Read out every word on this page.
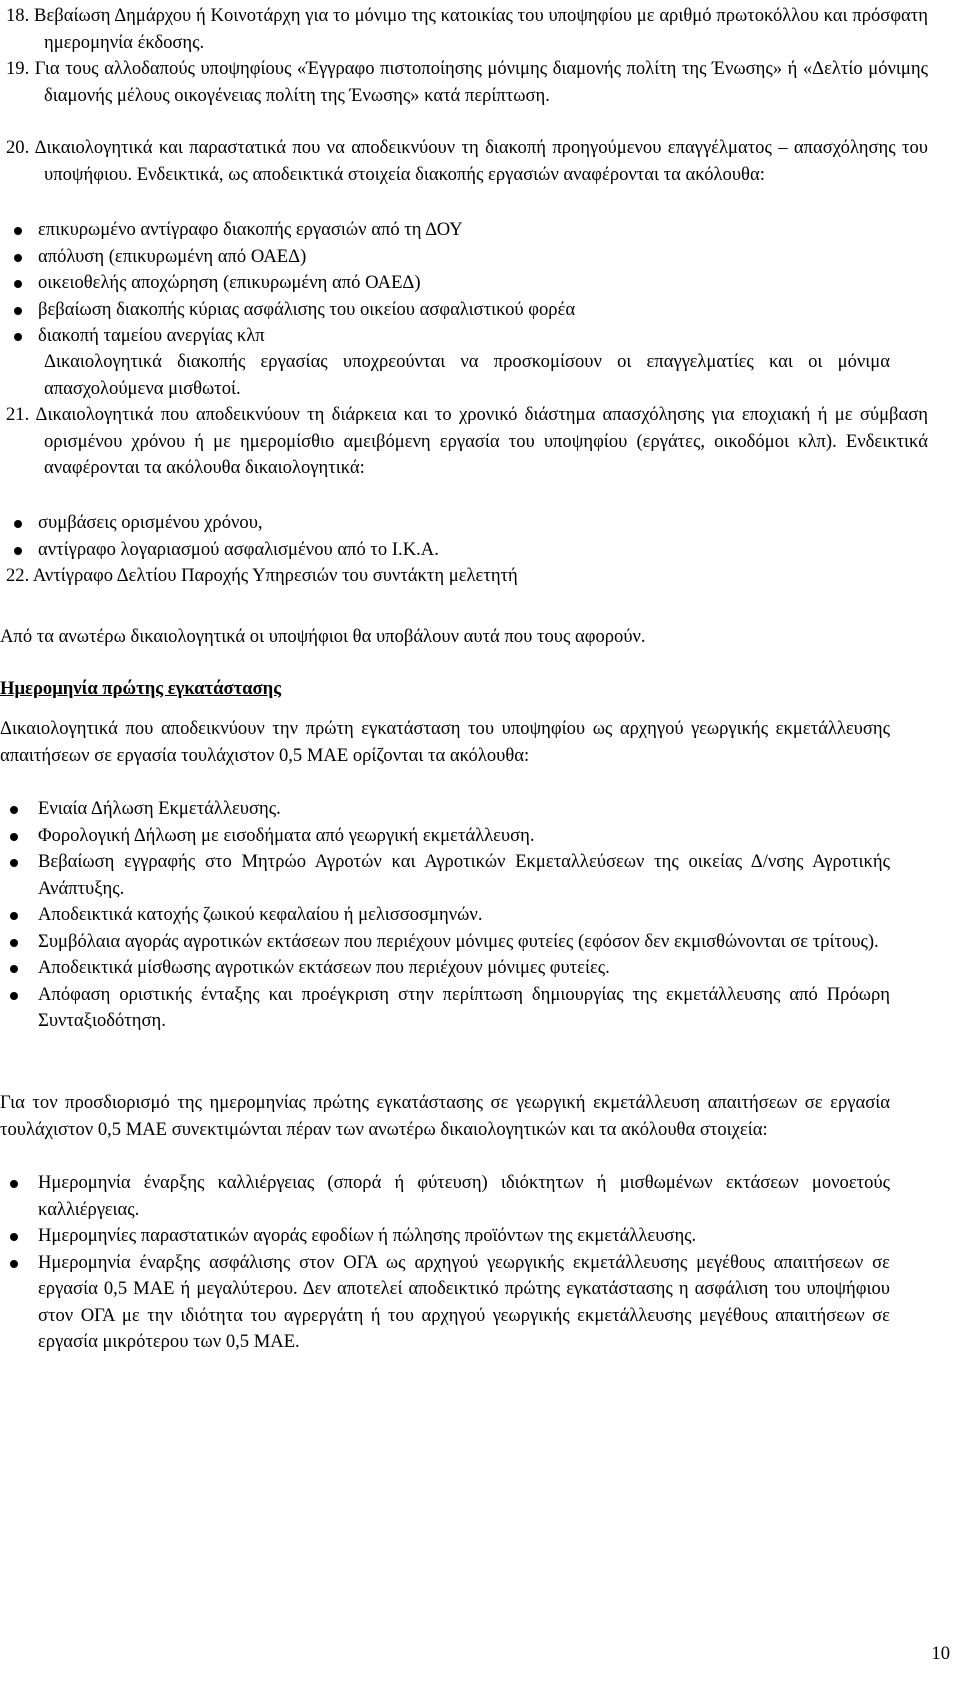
18. Βεβαίωση Δημάρχου ή Κοινοτάρχη για το μόνιμο της κατοικίας του υποψηφίου με αριθμό πρωτοκόλλου και πρόσφατη ημερομηνία έκδοσης.

19. Για τους αλλοδαπούς υποψηφίους «Έγγραφο πιστοποίησης μόνιμης διαμονής πολίτη της Ένωσης» ή «Δελτίο μόνιμης διαμονής μέλους οικογένειας πολίτη της Ένωσης» κατά περίπτωση.

20. Δικαιολογητικά και παραστατικά που να αποδεικνύουν τη διακοπή προηγούμενου επαγγέλματος – απασχόλησης του υποψήφιου. Ενδεικτικά, ως αποδεικτικά στοιχεία διακοπής εργασιών αναφέρονται τα ακόλουθα:

επικυρωμένο αντίγραφο διακοπής εργασιών από τη ΔΟΥ
απόλυση (επικυρωμένη από ΟΑΕΔ)
οικειοθελής αποχώρηση (επικυρωμένη από ΟΑΕΔ)
βεβαίωση διακοπής κύριας ασφάλισης του οικείου ασφαλιστικού φορέα
διακοπή ταμείου ανεργίας κλπ

Δικαιολογητικά διακοπής εργασίας υποχρεούνται να προσκομίσουν οι επαγγελματίες και οι μόνιμα απασχολούμενα μισθωτοί.

21. Δικαιολογητικά που αποδεικνύουν τη διάρκεια και το χρονικό διάστημα απασχόλησης για εποχιακή ή με σύμβαση ορισμένου χρόνου ή με ημερομίσθιο αμειβόμενη εργασία του υποψηφίου (εργάτες, οικοδόμοι κλπ). Ενδεικτικά αναφέρονται τα ακόλουθα δικαιολογητικά:

συμβάσεις ορισμένου χρόνου,
αντίγραφο λογαριασμού ασφαλισμένου από το Ι.Κ.Α.

22. Αντίγραφο Δελτίου Παροχής Υπηρεσιών του συντάκτη μελετητή

Από τα ανωτέρω δικαιολογητικά οι υποψήφιοι θα υποβάλουν αυτά που τους αφορούν.

Ημερομηνία πρώτης εγκατάστασης

Δικαιολογητικά που αποδεικνύουν την πρώτη εγκατάσταση του υποψηφίου ως αρχηγού γεωργικής εκμετάλλευσης απαιτήσεων σε εργασία τουλάχιστον 0,5 ΜΑΕ ορίζονται τα ακόλουθα:

Ενιαία Δήλωση Εκμετάλλευσης.
Φορολογική Δήλωση με εισοδήματα από γεωργική εκμετάλλευση.
Βεβαίωση εγγραφής στο Μητρώο Αγροτών και Αγροτικών Εκμεταλλεύσεων της οικείας Δ/νσης Αγροτικής Ανάπτυξης.
Αποδεικτικά κατοχής ζωικού κεφαλαίου ή μελισσοσμηνών.
Συμβόλαια αγοράς αγροτικών εκτάσεων που περιέχουν μόνιμες φυτείες (εφόσον δεν εκμισθώνονται σε τρίτους).
Αποδεικτικά μίσθωσης αγροτικών εκτάσεων που περιέχουν μόνιμες φυτείες.
Απόφαση οριστικής ένταξης και προέγκριση στην περίπτωση δημιουργίας της εκμετάλλευσης από Πρόωρη Συνταξιοδότηση.

Για τον προσδιορισμό της ημερομηνίας πρώτης εγκατάστασης σε γεωργική εκμετάλλευση απαιτήσεων σε εργασία τουλάχιστον 0,5 ΜΑΕ συνεκτιμώνται πέραν των ανωτέρω δικαιολογητικών και τα ακόλουθα στοιχεία:

Ημερομηνία έναρξης καλλιέργειας (σπορά ή φύτευση) ιδιόκτητων ή μισθωμένων εκτάσεων μονοετούς καλλιέργειας.
Ημερομηνίες παραστατικών αγοράς εφοδίων ή πώλησης προϊόντων της εκμετάλλευσης.
Ημερομηνία έναρξης ασφάλισης στον ΟΓΑ ως αρχηγού γεωργικής εκμετάλλευσης μεγέθους απαιτήσεων σε εργασία 0,5 ΜΑΕ ή μεγαλύτερου. Δεν αποτελεί αποδεικτικό πρώτης εγκατάστασης η ασφάλιση του υποψήφιου στον ΟΓΑ με την ιδιότητα του αγρεργάτη ή του αρχηγού γεωργικής εκμετάλλευσης μεγέθους απαιτήσεων σε εργασία μικρότερου των 0,5 ΜΑΕ.
10
